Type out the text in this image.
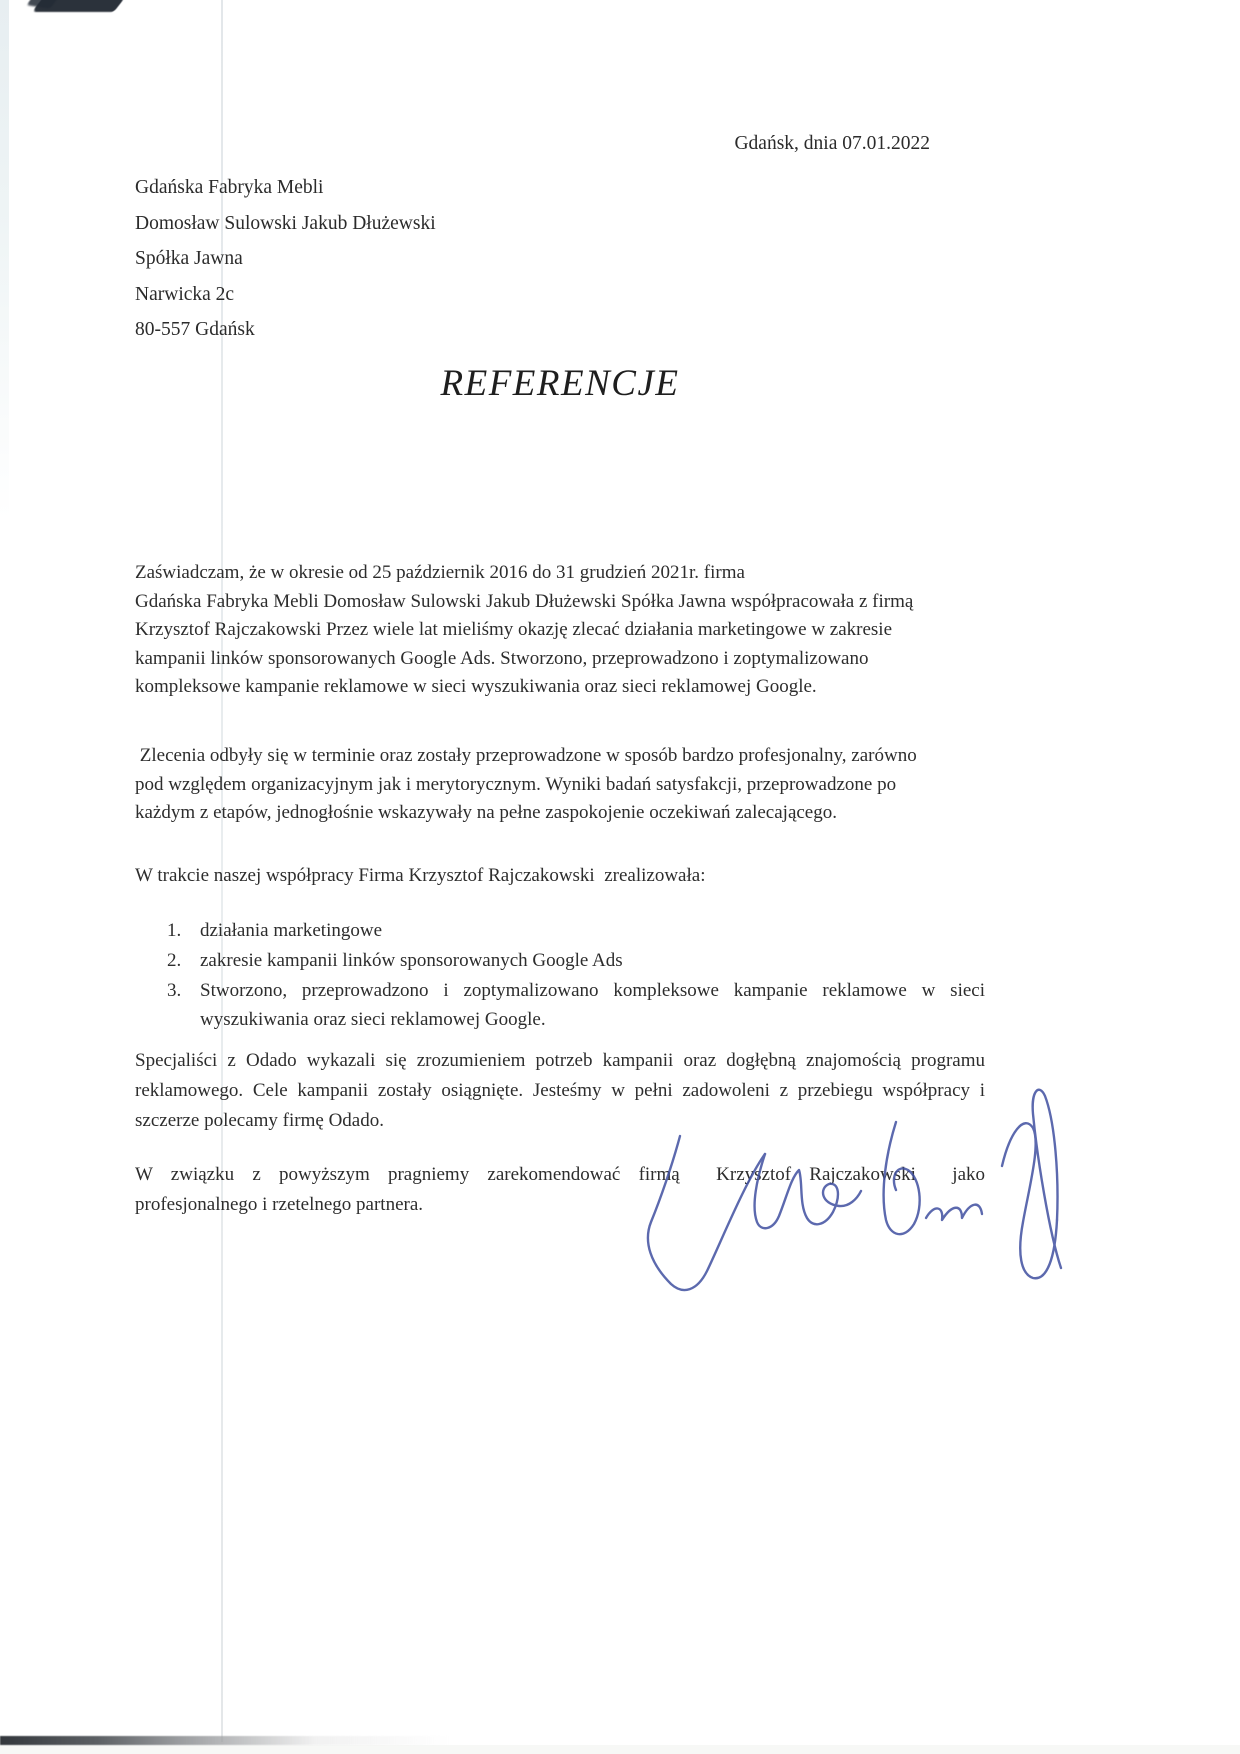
Gdańsk, dnia 07.01.2022
Gdańska Fabryka Mebli
Domosław Sulowski Jakub Dłużewski
Spółka Jawna
Narwicka 2c
80-557 Gdańsk
REFERENCJE
Zaświadczam, że w okresie od 25 październik 2016 do 31 grudzień 2021r. firma
Gdańska Fabryka Mebli Domosław Sulowski Jakub Dłużewski Spółka Jawna współpracowała z firmą
Krzysztof Rajczakowski Przez wiele lat mieliśmy okazję zlecać działania marketingowe w zakresie
kampanii linków sponsorowanych Google Ads. Stworzono, przeprowadzono i zoptymalizowano
kompleksowe kampanie reklamowe w sieci wyszukiwania oraz sieci reklamowej Google.
Zlecenia odbyły się w terminie oraz zostały przeprowadzone w sposób bardzo profesjonalny, zarówno
pod względem organizacyjnym jak i merytorycznym. Wyniki badań satysfakcji, przeprowadzone po
każdym z etapów, jednogłośnie wskazywały na pełne zaspokojenie oczekiwań zalecającego.
W trakcie naszej współpracy Firma Krzysztof Rajczakowski  zrealizowała:
1. działania marketingowe
2. zakresie kampanii linków sponsorowanych Google Ads
3. Stworzono, przeprowadzono i zoptymalizowano kompleksowe kampanie reklamowe w sieci
wyszukiwania oraz sieci reklamowej Google.
Specjaliści z Odado wykazali się zrozumieniem potrzeb kampanii oraz dogłębną znajomością programu
reklamowego. Cele kampanii zostały osiągnięte. Jesteśmy w pełni zadowoleni z przebiegu współpracy i
szczerze polecamy firmę Odado.
W związku z powyższym pragniemy zarekomendować firmą  Krzysztof Rajczakowski  jako
profesjonalnego i rzetelnego partnera.
